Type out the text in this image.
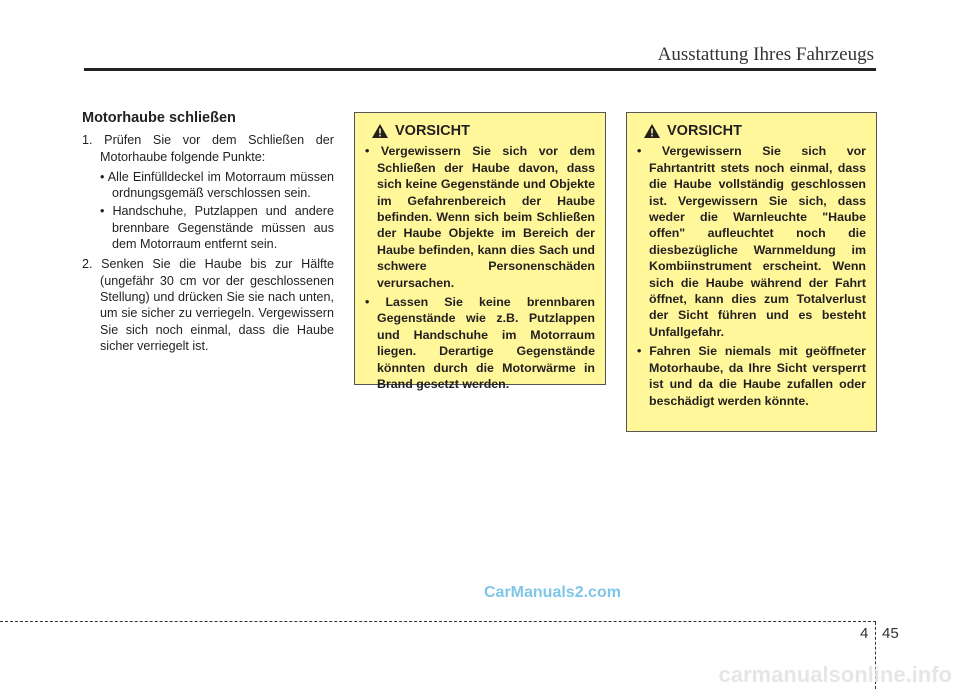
Ausstattung Ihres Fahrzeugs
Motorhaube schließen
1. Prüfen Sie vor dem Schließen der Motorhaube folgende Punkte:
• Alle Einfülldeckel im Motorraum müssen ordnungsgemäß verschlossen sein.
• Handschuhe, Putzlappen und andere brennbare Gegenstände müssen aus dem Motorraum entfernt sein.
2. Senken Sie die Haube bis zur Hälfte (ungefähr 30 cm vor der geschlossenen Stellung) und drücken Sie sie nach unten, um sie sicher zu verriegeln. Vergewissern Sie sich noch einmal, dass die Haube sicher verriegelt ist.
VORSICHT
• Vergewissern Sie sich vor dem Schließen der Haube davon, dass sich keine Gegenstände und Objekte im Gefahrenbereich der Haube befinden. Wenn sich beim Schließen der Haube Objekte im Bereich der Haube befinden, kann dies Sach und schwere Personenschäden verursachen.
• Lassen Sie keine brennbaren Gegenstände wie z.B. Putzlappen und Handschuhe im Motorraum liegen. Derartige Gegenstände könnten durch die Motorwärme in Brand gesetzt werden.
VORSICHT
• Vergewissern Sie sich vor Fahrtantritt stets noch einmal, dass die Haube vollständig geschlossen ist. Vergewissern Sie sich, dass weder die Warnleuchte "Haube offen" aufleuchtet noch die diesbezügliche Warnmeldung im Kombiinstrument erscheint. Wenn sich die Haube während der Fahrt öffnet, kann dies zum Totalverlust der Sicht führen und es besteht Unfallgefahr.
• Fahren Sie niemals mit geöffneter Motorhaube, da Ihre Sicht versperrt ist und da die Haube zufallen oder beschädigt werden könnte.
CarManuals2.com
4 45
carmanualsonline.info
